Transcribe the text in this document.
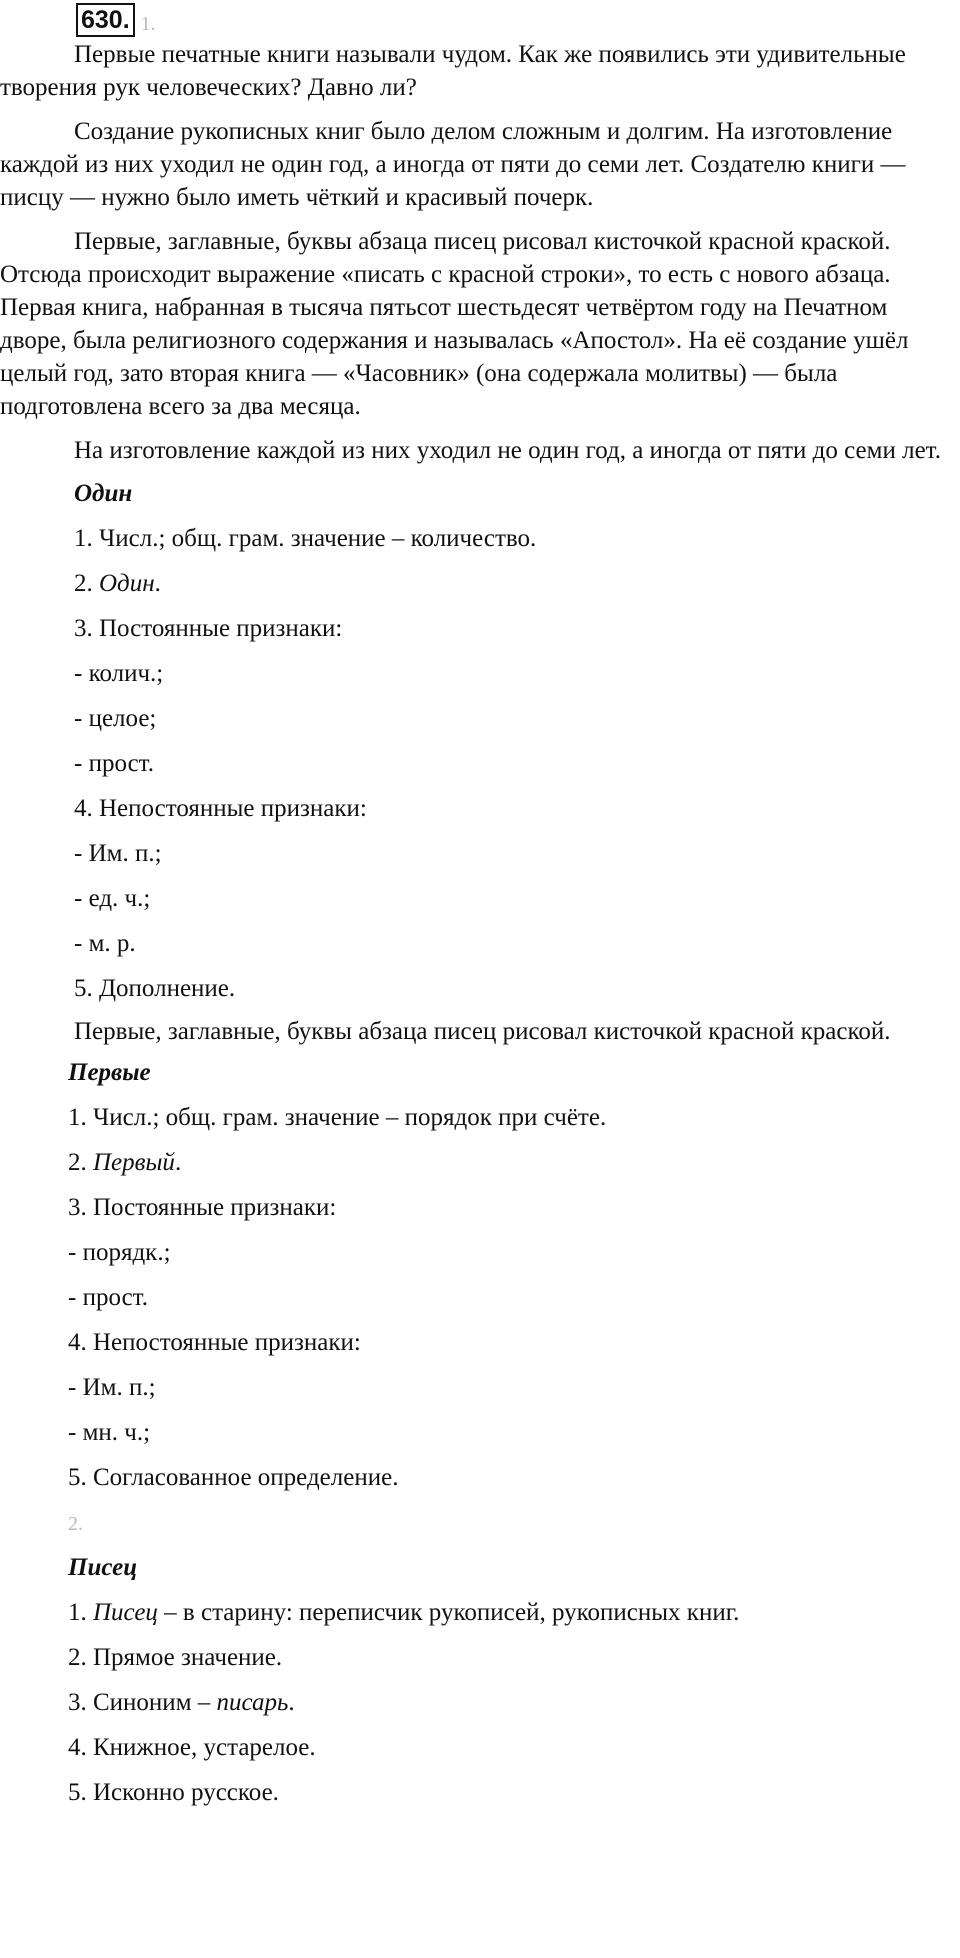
630. 1.

Первые печатные книги называли чудом. Как же появились эти удивительные творения рук человеческих? Давно ли?

Создание рукописных книг было делом сложным и долгим. На изготовление каждой из них уходил не один год, а иногда от пяти до семи лет. Создателю книги — писцу — нужно было иметь чёткий и красивый почерк.

Первые, заглавные, буквы абзаца писец рисовал кисточкой красной краской. Отсюда происходит выражение «писать с красной строки», то есть с нового абзаца. Первая книга, набранная в тысяча пятьсот шестьдесят четвёртом году на Печатном дворе, была религиозного содержания и называлась «Апостол». На её создание ушёл целый год, зато вторая книга — «Часовник» (она содержала молитвы) — была подготовлена всего за два месяца.

На изготовление каждой из них уходил не один год, а иногда от пяти до семи лет.

Один

1. Числ.; общ. грам. значение – количество.

2. Один.

3. Постоянные признаки:

- колич.;

- целое;

- прост.

4. Непостоянные признаки:

- Им. п.;

- ед. ч.;

- м. р.

5. Дополнение.

Первые, заглавные, буквы абзаца писец рисовал кисточкой красной краской.

Первые

1. Числ.; общ. грам. значение – порядок при счёте.

2. Первый.

3. Постоянные признаки:

- порядк.;

- прост.

4. Непостоянные признаки:

- Им. п.;

- мн. ч.;

5. Согласованное определение.

2.

Писец

1. Писец – в старину: переписчик рукописей, рукописных книг.

2. Прямое значение.

3. Синоним – писарь.

4. Книжное, устарелое.

5. Исконно русское.
